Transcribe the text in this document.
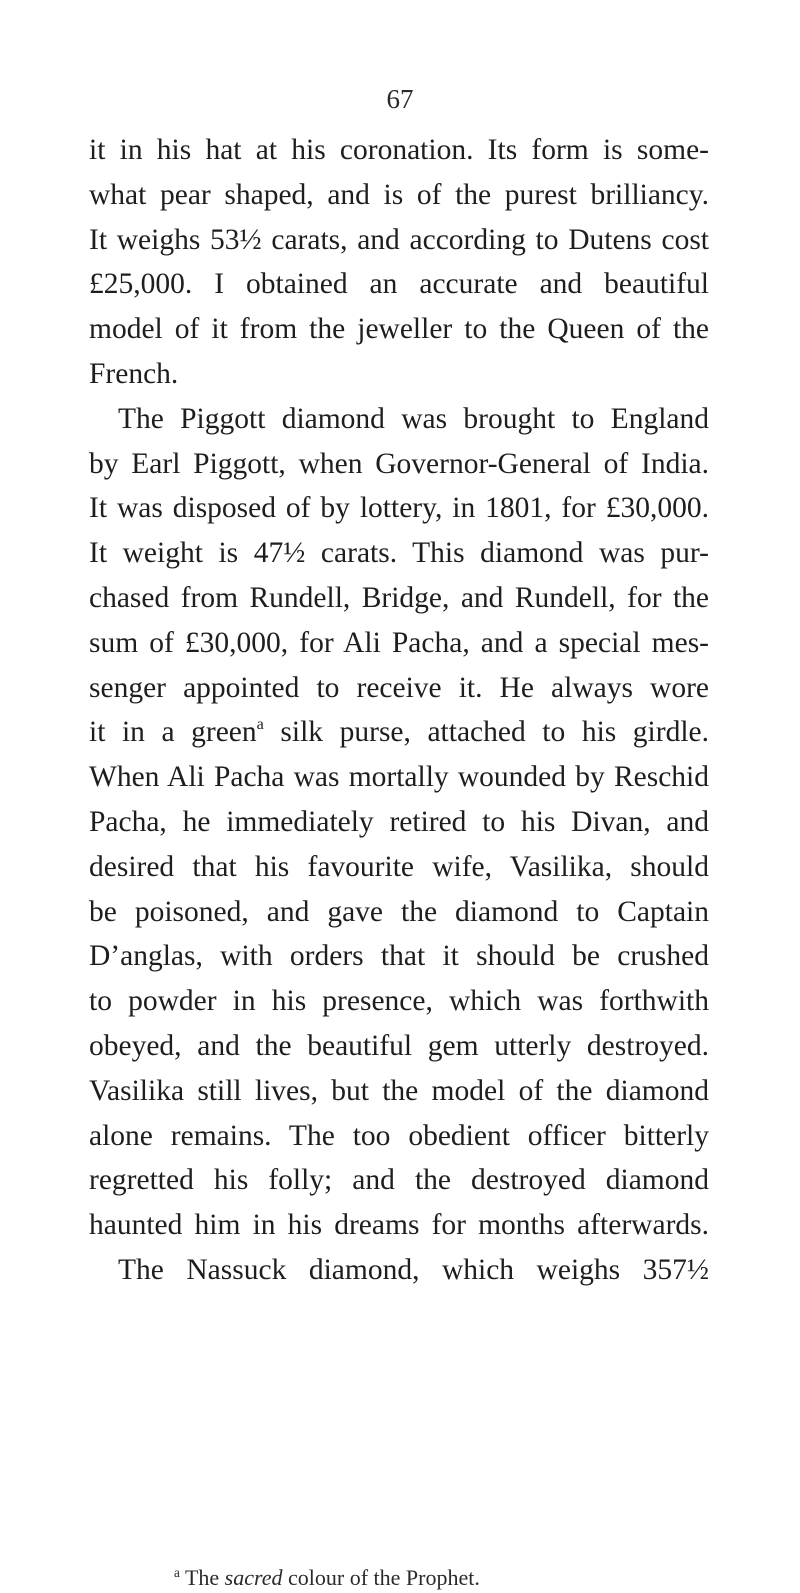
67
it in his hat at his coronation. Its form is some-
what pear shaped, and is of the purest brilliancy.
It weighs 53½ carats, and according to Dutens cost
£25,000. I obtained an accurate and beautiful
model of it from the jeweller to the Queen of the
French.
The Piggott diamond was brought to England
by Earl Piggott, when Governor-General of India.
It was disposed of by lottery, in 1801, for £30,000.
It weight is 47½ carats. This diamond was pur-
chased from Rundell, Bridge, and Rundell, for the
sum of £30,000, for Ali Pacha, and a special mes-
senger appointed to receive it. He always wore
it in a green$^a$ silk purse, attached to his girdle.
When Ali Pacha was mortally wounded by Reschid
Pacha, he immediately retired to his Divan, and
desired that his favourite wife, Vasilika, should
be poisoned, and gave the diamond to Captain
D’anglas, with orders that it should be crushed
to powder in his presence, which was forthwith
obeyed, and the beautiful gem utterly destroyed.
Vasilika still lives, but the model of the diamond
alone remains. The too obedient officer bitterly
regretted his folly; and the destroyed diamond
haunted him in his dreams for months afterwards.
The Nassuck diamond, which weighs 357½
$^a$ The sacred colour of the Prophet.
